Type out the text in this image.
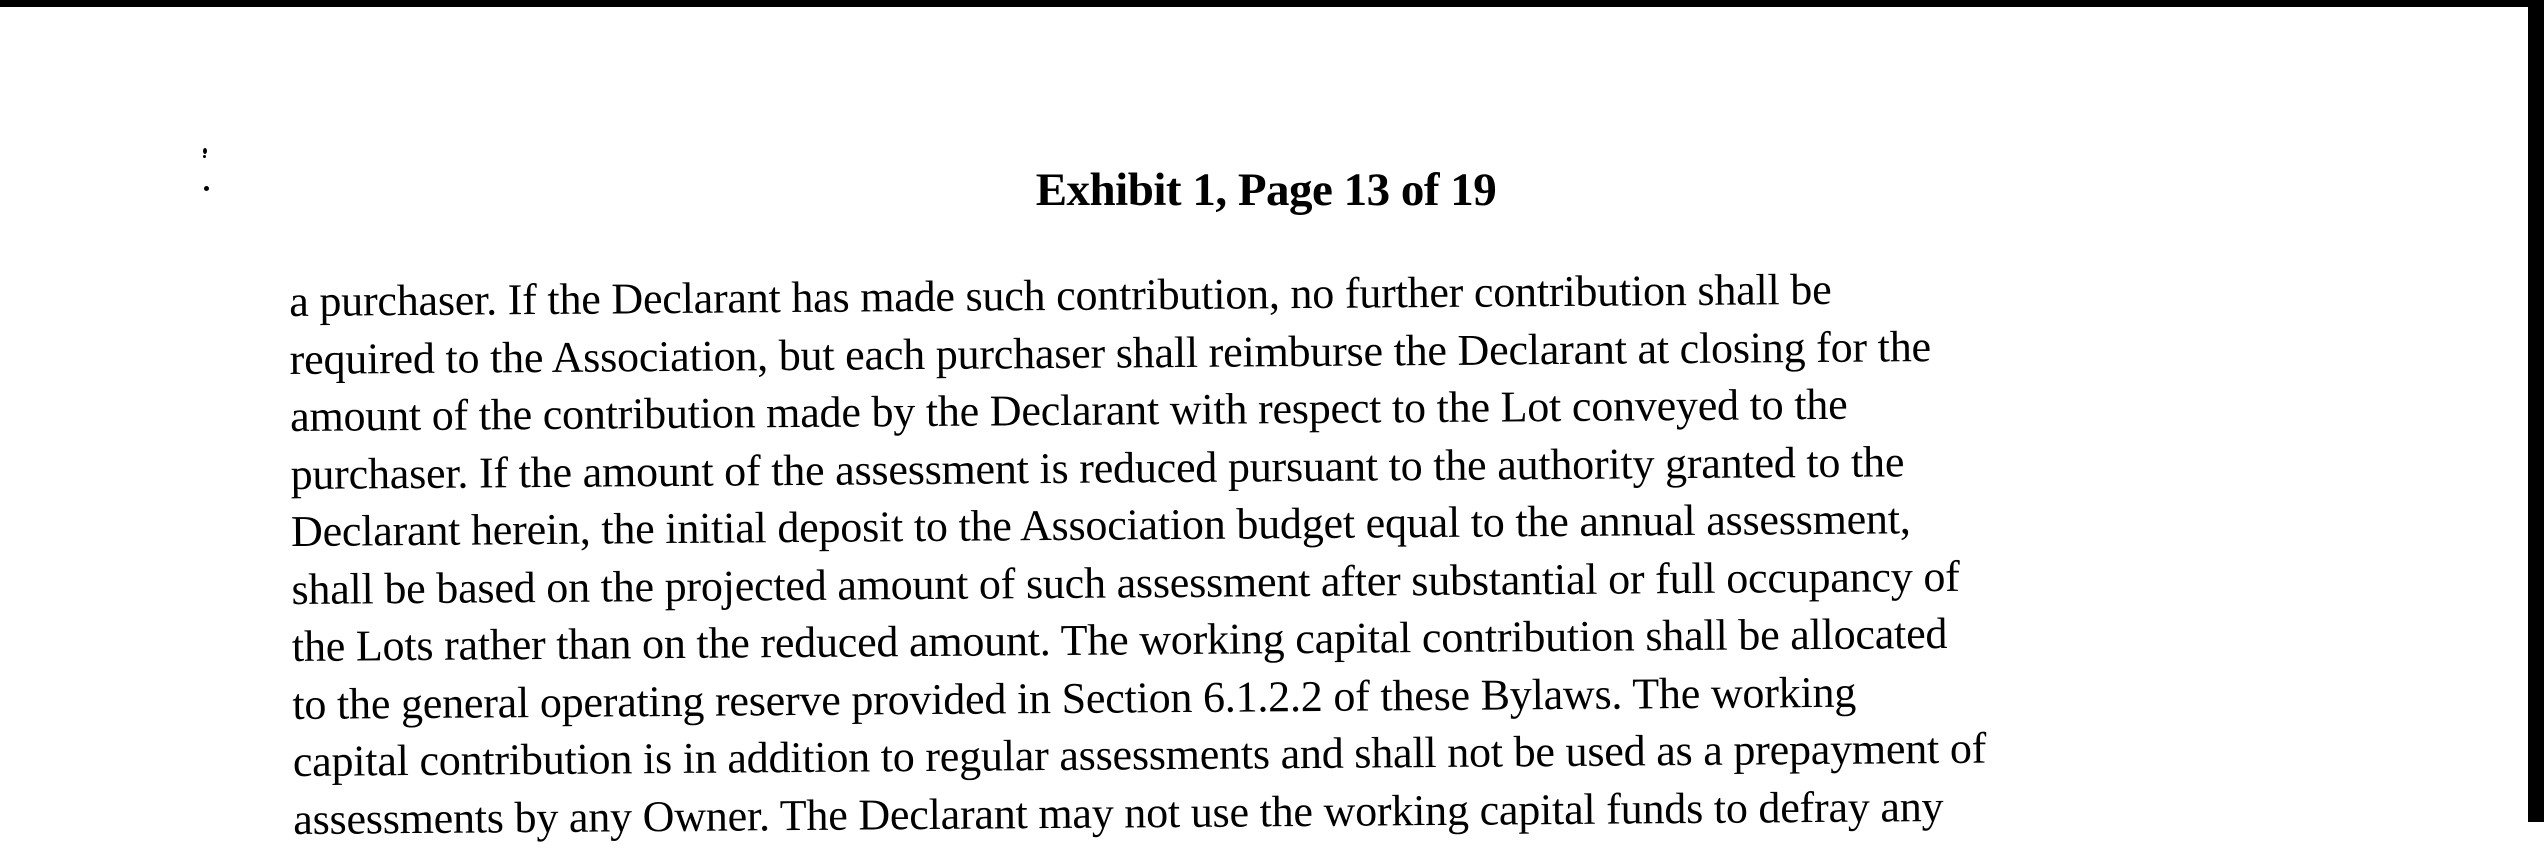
Exhibit 1, Page 13 of 19
a purchaser. If the Declarant has made such contribution, no further contribution shall be
required to the Association, but each purchaser shall reimburse the Declarant at closing for the
amount of the contribution made by the Declarant with respect to the Lot conveyed to the
purchaser. If the amount of the assessment is reduced pursuant to the authority granted to the
Declarant herein, the initial deposit to the Association budget equal to the annual assessment,
shall be based on the projected amount of such assessment after substantial or full occupancy of
the Lots rather than on the reduced amount. The working capital contribution shall be allocated
to the general operating reserve provided in Section 6.1.2.2 of these Bylaws. The working
capital contribution is in addition to regular assessments and shall not be used as a prepayment of
assessments by any Owner. The Declarant may not use the working capital funds to defray any
